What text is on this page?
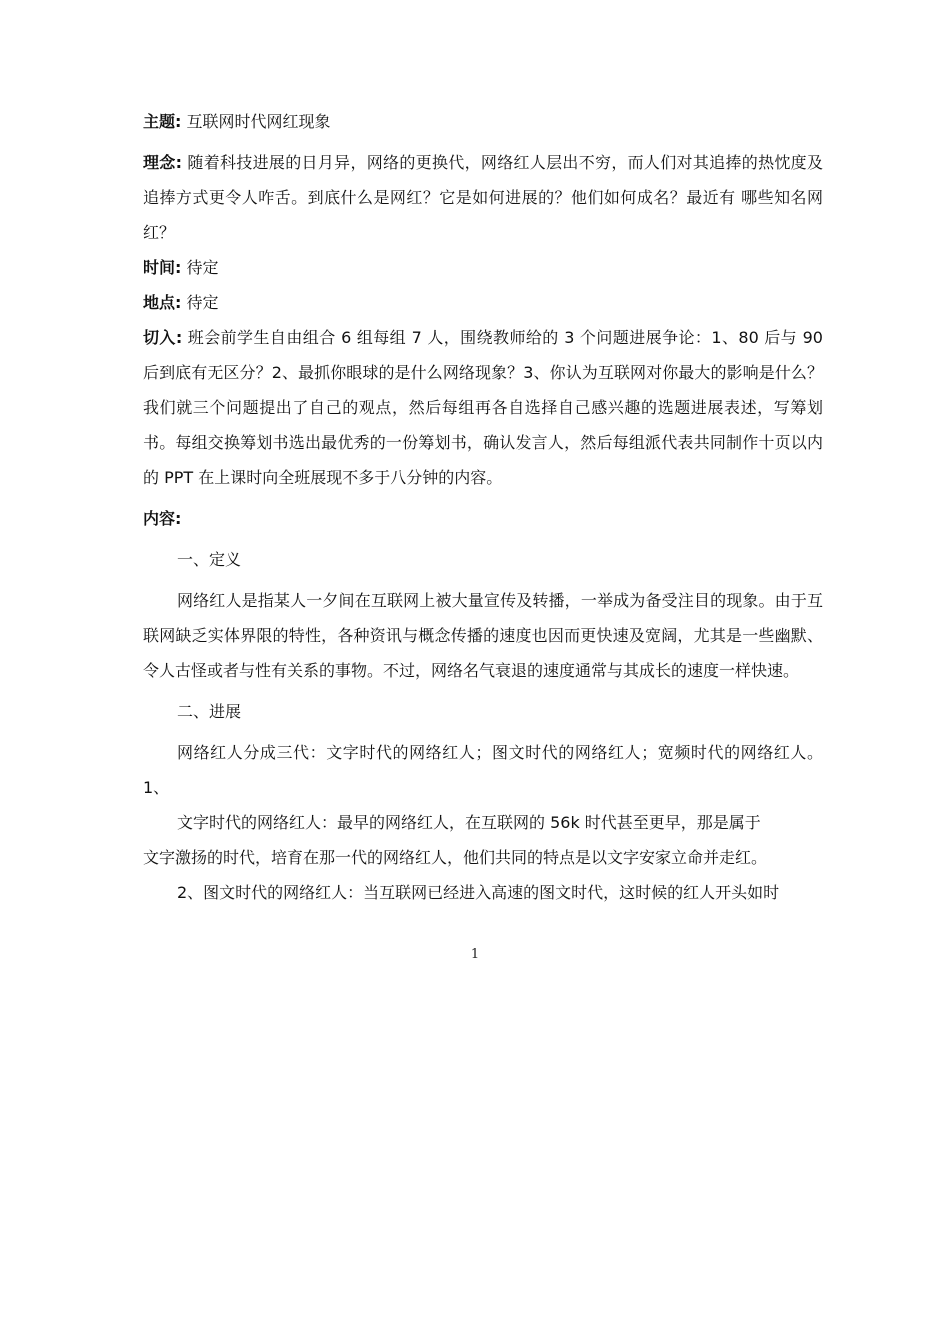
主题: 互联网时代网红现象

理念: 随着科技进展的日月异，网络的更换代，网络红人层出不穷，而人们对其追捧的热忱度及追捧方式更令人咋舌。到底什么是网红？它是如何进展的？他们如何成名？最近有 哪些知名网红？

时间: 待定

地点: 待定

切入: 班会前学生自由组合 6 组每组 7 人，围绕教师给的 3 个问题进展争论：1、80 后与 90 后到底有无区分？2、最抓你眼球的是什么网络现象？3、你认为互联网对你最大的影响是什么？我们就三个问题提出了自己的观点，然后每组再各自选择自己感兴趣的选题进展表述，写筹划书。每组交换筹划书选出最优秀的一份筹划书，确认发言人，然后每组派代表共同制作十页以内的 PPT 在上课时向全班展现不多于八分钟的内容。

内容:

一、定义

网络红人是指某人一夕间在互联网上被大量宣传及转播，一举成为备受注目的现象。由于互联网缺乏实体界限的特性，各种资讯与概念传播的速度也因而更快速及宽阔，尤其是一些幽默、令人古怪或者与性有关系的事物。不过，网络名气衰退的速度通常与其成长的速度一样快速。

二、进展

网络红人分成三代：文字时代的网络红人；图文时代的网络红人；宽频时代的网络红人。 1、

文字时代的网络红人：最早的网络红人，在互联网的 56k 时代甚至更早，那是属于

文字激扬的时代，培育在那一代的网络红人，他们共同的特点是以文字安家立命并走红。

2、图文时代的网络红人：当互联网已经进入高速的图文时代，这时候的红人开头如时

1
